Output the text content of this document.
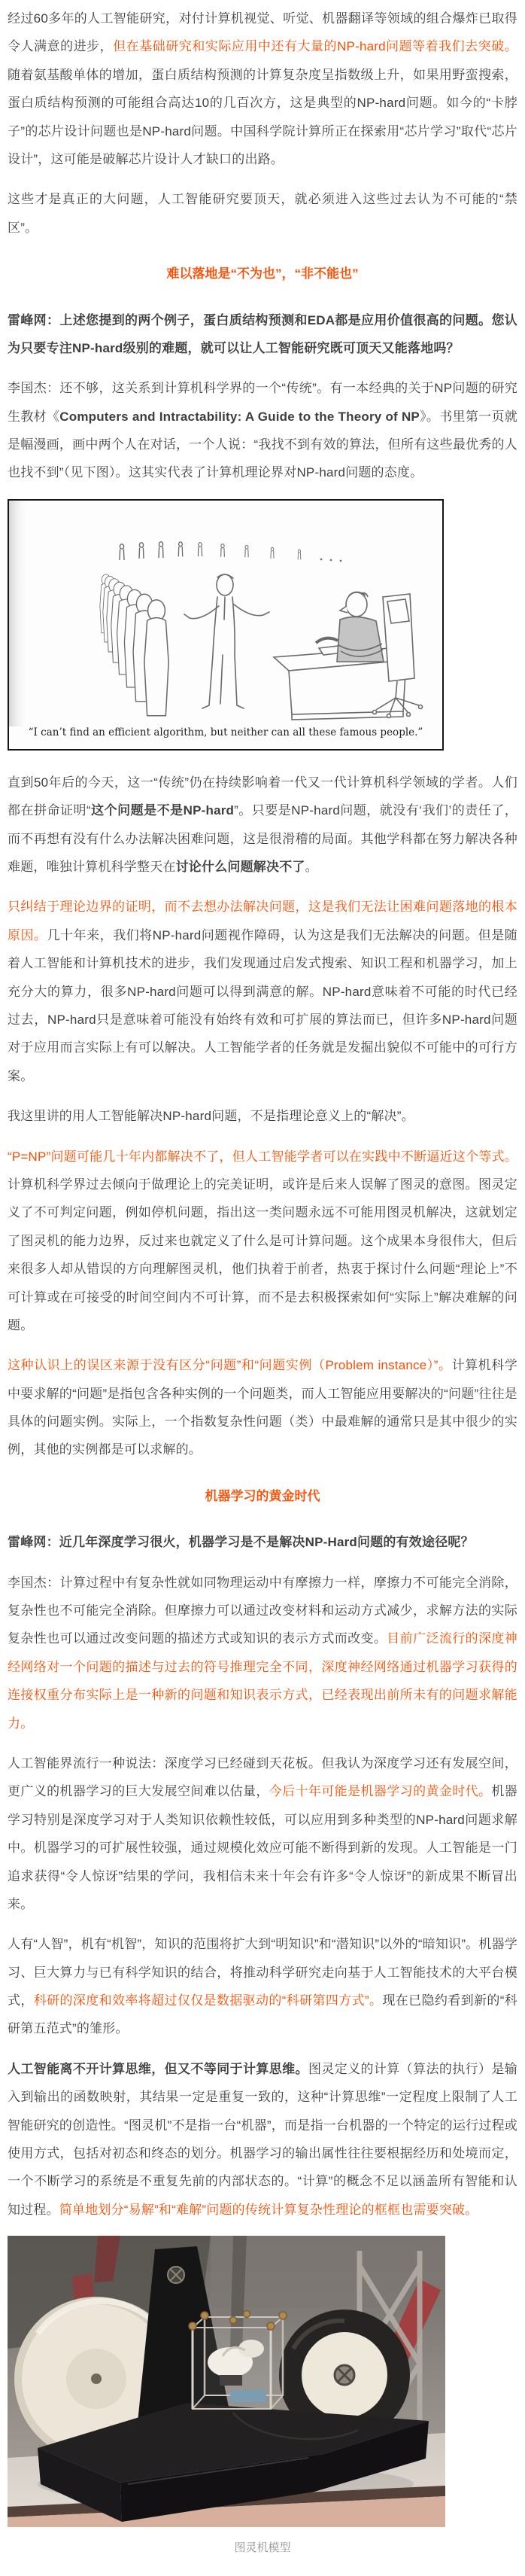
经过60多年的人工智能研究，对付计算机视觉、听觉、机器翻译等领域的组合爆炸已取得令人满意的进步，但在基础研究和实际应用中还有大量的NP-hard问题等着我们去突破。随着氨基酸单体的增加，蛋白质结构预测的计算复杂度呈指数级上升，如果用野蛮搜索，蛋白质结构预测的可能组合高达10的几百次方，这是典型的NP-hard问题。如今的“卡脖子”的芯片设计问题也是NP-hard问题。中国科学院计算所正在探索用“芯片学习”取代“芯片设计”，这可能是破解芯片设计人才缺口的出路。

这些才是真正的大问题，人工智能研究要顶天，就必须进入这些过去认为不可能的“禁区”。

难以落地是“不为也”，“非不能也”

雷峰网：上述您提到的两个例子，蛋白质结构预测和EDA都是应用价值很高的问题。您认为只要专注NP-hard级别的难题，就可以让人工智能研究既可顶天又能落地吗？

李国杰：还不够，这关系到计算机科学界的一个“传统”。有一本经典的关于NP问题的研究生教材《Computers and Intractability: A Guide to the Theory of NP》。书里第一页就是幅漫画，画中两个人在对话，一个人说：“我找不到有效的算法，但所有这些最优秀的人也找不到”（见下图）。这其实代表了计算机理论界对NP-hard问题的态度。

“I can’t find an efficient algorithm, but neither can all these famous people.”

直到50年后的今天，这一“传统”仍在持续影响着一代又一代计算机科学领域的学者。人们都在拼命证明“这个问题是不是NP-hard”。只要是NP-hard问题，就没有‘我们’的责任了，而不再想有没有什么办法解决困难问题，这是很滑稽的局面。其他学科都在努力解决各种难题，唯独计算机科学整天在讨论什么问题解决不了。

只纠结于理论边界的证明，而不去想办法解决问题，这是我们无法让困难问题落地的根本原因。几十年来，我们将NP-hard问题视作障碍，认为这是我们无法解决的问题。但是随着人工智能和计算机技术的进步，我们发现通过启发式搜索、知识工程和机器学习，加上充分大的算力，很多NP-hard问题可以得到满意的解。NP-hard意味着不可能的时代已经过去，NP-hard只是意味着可能没有始终有效和可扩展的算法而已，但许多NP-hard问题对于应用而言实际上有可以解决。人工智能学者的任务就是发掘出貌似不可能中的可行方案。

我这里讲的用人工智能解决NP-hard问题，不是指理论意义上的“解决”。

“P=NP”问题可能几十年内都解决不了，但人工智能学者可以在实践中不断逼近这个等式。计算机科学界过去倾向于做理论上的完美证明，或许是后来人误解了图灵的意图。图灵定义了不可判定问题，例如停机问题，指出这一类问题永远不可能用图灵机解决，这就划定了图灵机的能力边界，反过来也就定义了什么是可计算问题。这个成果本身很伟大，但后来很多人却从错误的方向理解图灵机，他们执着于前者，热衷于探讨什么问题“理论上”不可计算或在可接受的时间空间内不可计算，而不是去积极探索如何“实际上”解决难解的问题。

这种认识上的误区来源于没有区分“问题”和“问题实例（Problem instance）”。计算机科学中要求解的“问题”是指包含各种实例的一个问题类，而人工智能应用要解决的“问题”往往是具体的问题实例。实际上，一个指数复杂性问题（类）中最难解的通常只是其中很少的实例，其他的实例都是可以求解的。

机器学习的黄金时代

雷峰网：近几年深度学习很火，机器学习是不是解决NP-Hard问题的有效途径呢？

李国杰：计算过程中有复杂性就如同物理运动中有摩擦力一样，摩擦力不可能完全消除，复杂性也不可能完全消除。但摩擦力可以通过改变材料和运动方式减少，求解方法的实际复杂性也可以通过改变问题的描述方式或知识的表示方式而改变。目前广泛流行的深度神经网络对一个问题的描述与过去的符号推理完全不同，深度神经网络通过机器学习获得的连接权重分布实际上是一种新的问题和知识表示方式，已经表现出前所未有的问题求解能力。

人工智能界流行一种说法：深度学习已经碰到天花板。但我认为深度学习还有发展空间，更广义的机器学习的巨大发展空间难以估量，今后十年可能是机器学习的黄金时代。机器学习特别是深度学习对于人类知识依赖性较低，可以应用到多种类型的NP-hard问题求解中。机器学习的可扩展性较强，通过规模化效应可能不断得到新的发现。人工智能是一门追求获得“令人惊讶”结果的学问，我相信未来十年会有许多“令人惊讶”的新成果不断冒出来。

人有“人智”，机有“机智”，知识的范围将扩大到“明知识”和“潜知识”以外的“暗知识”。机器学习、巨大算力与已有科学知识的结合，将推动科学研究走向基于人工智能技术的大平台模式，科研的深度和效率将超过仅仅是数据驱动的“科研第四方式”。现在已隐约看到新的“科研第五范式”的雏形。

人工智能离不开计算思维，但又不等同于计算思维。图灵定义的计算（算法的执行）是输入到输出的函数映射，其结果一定是重复一致的，这种“计算思维”一定程度上限制了人工智能研究的创造性。“图灵机”不是指一台“机器”，而是指一台机器的一个特定的运行过程或使用方式，包括对初态和终态的划分。机器学习的输出属性往往要根据经历和处境而定，一个不断学习的系统是不重复先前的内部状态的。“计算”的概念不足以涵盖所有智能和认知过程。简单地划分“易解”和“难解”问题的传统计算复杂性理论的框框也需要突破。

图灵机模型
